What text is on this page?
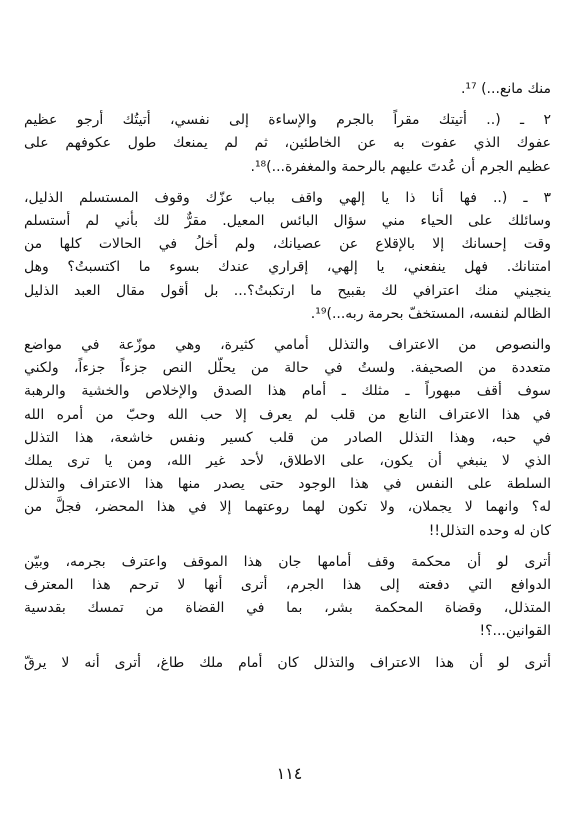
منك مانع...)‏ ¹⁷.
٢ ـ (.. أتيتك مقراً بالجرم والإساءة إلى نفسي، أتيتُك أرجو عظيم
عفوك الذي عفوت به عن الخاطئين، ثم لم يمنعك طول عكوفهم على
عظيم الجرم أن عُدتَ عليهم بالرحمة والمغفرة...)¹⁸.
٣ ـ (.. فها أنا ذا يا إلهي واقف بباب عزّك وقوف المستسلم الذليل،
وسائلك على الحياء مني سؤال البائس المعيل. مقرٌّ لك بأني لم أستسلم
وقت إحسانك إلا بالإقلاع عن عصيانك، ولم أخلُ في الحالات كلها من
امتنانك. فهل ينفعني، يا إلهي، إقراري عندك بسوء ما اكتسبتُ؟ وهل
ينجيني منك اعترافي لك بقبيح ما ارتكبتُ؟... بل أقول مقال العبد الذليل
الظالم لنفسه، المستخفّ بحرمة ربه...)¹⁹.
والنصوص من الاعتراف والتذلل أمامي كثيرة، وهي موزّعة في مواضع
متعددة من الصحيفة. ولستُ في حالة من يحلّل النص جزءاً جزءاً، ولكني
سوف أقف مبهوراً ـ مثلك ـ أمام هذا الصدق والإخلاص والخشية والرهبة
في هذا الاعتراف النابع من قلب لم يعرف إلا حب الله وحبّ من أمره الله
في حبه، وهذا التذلل الصادر من قلب كسير ونفس خاشعة، هذا التذلل
الذي لا ينبغي أن يكون، على الاطلاق، لأحد غير الله، ومن يا ترى يملك
السلطة على النفس في هذا الوجود حتى يصدر منها هذا الاعتراف والتذلل
له؟ وانهما لا يجملان، ولا تكون لهما روعتهما إلا في هذا المحضر، فجلَّ من
كان له وحده التذلل!!
أترى لو أن محكمة وقف أمامها جان هذا الموقف واعترف بجرمه، وبيّن
الدوافع التي دفعته إلى هذا الجرم، أترى أنها لا ترحم هذا المعترف
المتذلل، وقضاة المحكمة بشر، بما في القضاة من تمسك بقدسية
القوانين...؟!
أترى لو أن هذا الاعتراف والتذلل كان أمام ملك طاغ، أترى أنه لا يرقّ
١١٤
